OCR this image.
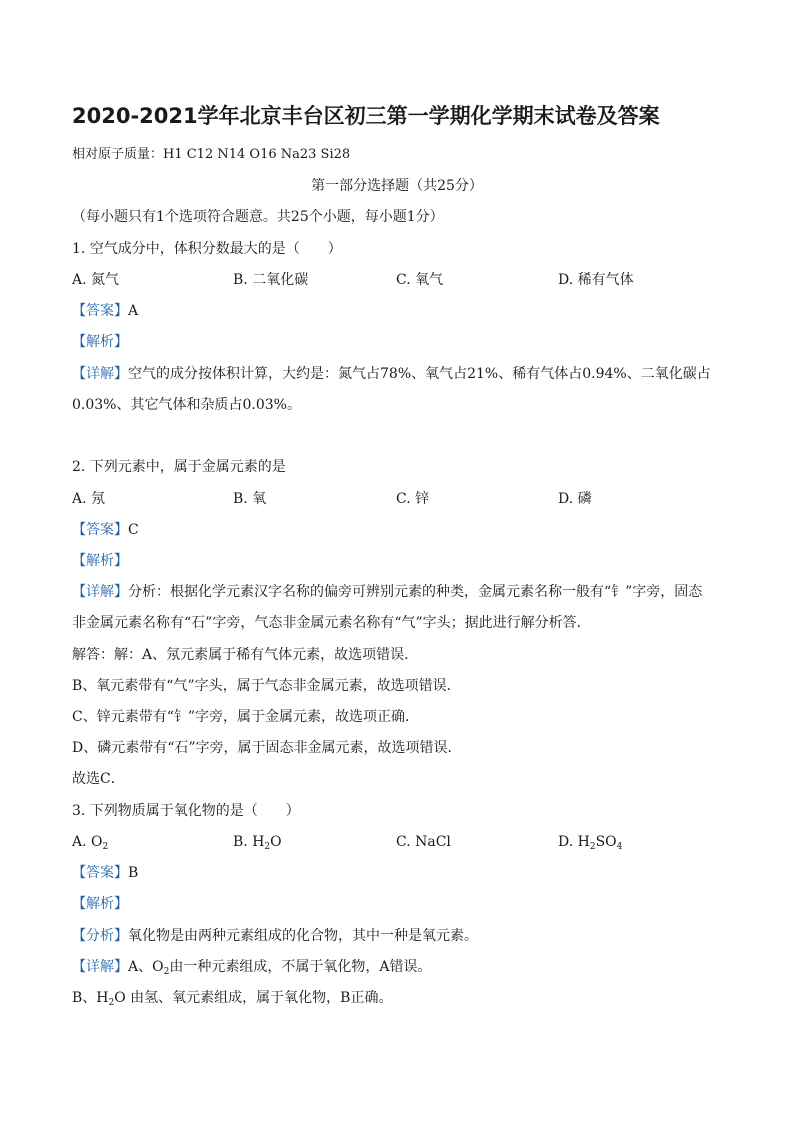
2020-2021学年北京丰台区初三第一学期化学期末试卷及答案
相对原子质量：H1 C12 N14 O16 Na23 Si28
第一部分选择题（共25分）
（每小题只有1个选项符合题意。共25个小题，每小题1分）
1. 空气成分中，体积分数最大的是（　　）
A. 氮气	B. 二氧化碳	C. 氧气	D. 稀有气体
【答案】A
【解析】
【详解】空气的成分按体积计算，大约是：氮气占78%、氧气占21%、稀有气体占0.94%、二氧化碳占
0.03%、其它气体和杂质占0.03%。
2. 下列元素中，属于金属元素的是
A. 氖	B. 氧	C. 锌	D. 磷
【答案】C
【解析】
【详解】分析：根据化学元素汉字名称的偏旁可辨别元素的种类，金属元素名称一般有“钅”字旁，固态
非金属元素名称有“石”字旁，气态非金属元素名称有“气”字头；据此进行解分析答．
解答：解：A、氖元素属于稀有气体元素，故选项错误．
B、氧元素带有“气”字头，属于气态非金属元素，故选项错误．
C、锌元素带有“钅”字旁，属于金属元素，故选项正确．
D、磷元素带有“石”字旁，属于固态非金属元素，故选项错误．
故选C．
3. 下列物质属于氧化物的是（　　）
A. $O_2$	B. $H_2O$	C. NaCl	D. $H_2SO_4$
【答案】B
【解析】
【分析】氧化物是由两种元素组成的化合物，其中一种是氧元素。
【详解】A、$O_2$由一种元素组成，不属于氧化物，A错误。
B、$H_2O$ 由氢、氧元素组成，属于氧化物，B正确。
